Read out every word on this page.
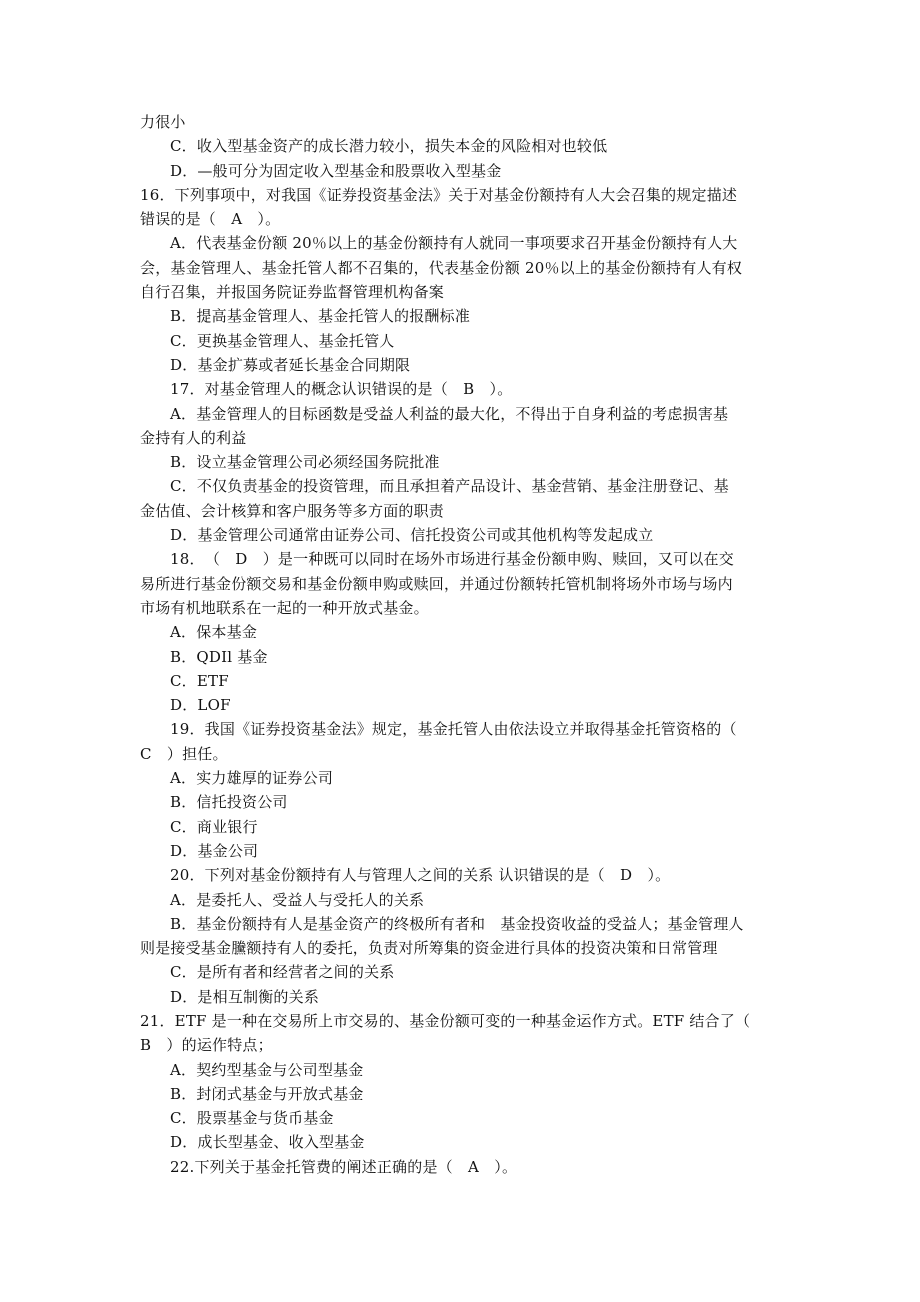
力很小
C．收入型基金资产的成长潜力较小，损失本金的风险相对也较低
D．—般可分为固定收入型基金和股票收入型基金
16．下列事项中，对我国《证券投资基金法》关于对基金份额持有人大会召集的规定描述
错误的是（　A　）。
A．代表基金份额 20％以上的基金份额持有人就同一事项要求召开基金份额持有人大
会，基金管理人、基金托管人都不召集的，代表基金份额 20％以上的基金份额持有人有权
自行召集，并报国务院证券监督管理机构备案
B．提高基金管理人、基金托管人的报酬标准
C．更换基金管理人、基金托管人
D．基金扩募或者延长基金合同期限
17．对基金管理人的概念认识错误的是（　B　）。
A．基金管理人的目标函数是受益人利益的最大化，不得出于自身利益的考虑损害基
金持有人的利益
B．设立基金管理公司必须经国务院批准
C．不仅负责基金的投资管理，而且承担着产品设计、基金营销、基金注册登记、基
金估值、会计核算和客户服务等多方面的职责
D．基金管理公司通常由证券公司、信托投资公司或其他机构等发起成立
18．　（　D　）是一种既可以同时在场外市场进行基金份额申购、赎回，又可以在交
易所进行基金份额交易和基金份额申购或赎回，并通过份额转托管机制将场外市场与场内
市场有机地联系在一起的一种开放式基金。
A．保本基金
B．QDIl 基金
C．ETF
D．LOF
19．我国《证券投资基金法》规定，基金托管人由依法设立并取得基金托管资格的（
C　）担任。
A．实力雄厚的证券公司
B．信托投资公司
C．商业银行
D．基金公司
20．下列对基金份额持有人与管理人之间的关系 认识错误的是（　D　）。
A．是委托人、受益人与受托人的关系
B．基金份额持有人是基金资产的终极所有者和　基金投资收益的受益人；基金管理人
则是接受基金黱额持有人的委托，负责对所筹集的资金进行具体的投资决策和日常管理
C．是所有者和经营者之间的关系
D．是相互制衡的关系
21．ETF 是一种在交易所上市交易的、基金份额可变的一种基金运作方式。ETF 结合了（
B　）的运作特点；
A．契约型基金与公司型基金
B．封闭式基金与开放式基金
C．股票基金与货币基金
D．成长型基金、收入型基金
22.下列关于基金托管费的阐述正确的是（　A　）。
